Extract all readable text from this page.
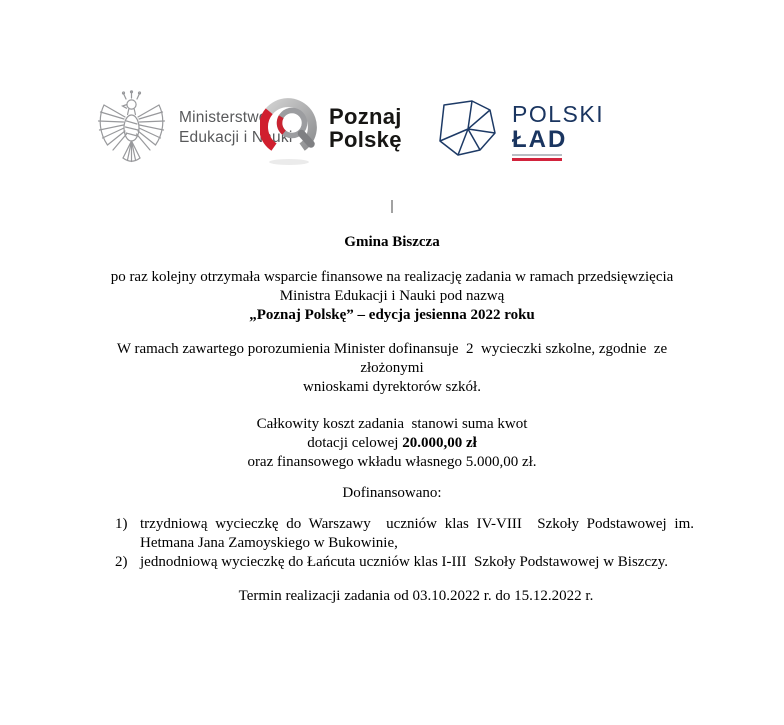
Ministerstwo
Edukacji i Nauki
Poznaj
Polskę
POLSKI
ŁAD
|
Gmina Biszcza
po raz kolejny otrzymała wsparcie finansowe na realizację zadania w ramach przedsięwzięcia
Ministra Edukacji i Nauki pod nazwą
„Poznaj Polskę” – edycja jesienna 2022 roku
W ramach zawartego porozumienia Minister dofinansuje  2  wycieczki szkolne, zgodnie  ze złożonymi
wnioskami dyrektorów szkół.
Całkowity koszt zadania  stanowi suma kwot
dotacji celowej 20.000,00 zł
oraz finansowego wkładu własnego 5.000,00 zł.
Dofinansowano:
1) trzydniową wycieczkę do Warszawy  uczniów klas IV-VIII  Szkoły Podstawowej im.
Hetmana Jana Zamoyskiego w Bukowinie,
2) jednodniową wycieczkę do Łańcuta uczniów klas I-III  Szkoły Podstawowej w Biszczy.
Termin realizacji zadania od 03.10.2022 r. do 15.12.2022 r.
